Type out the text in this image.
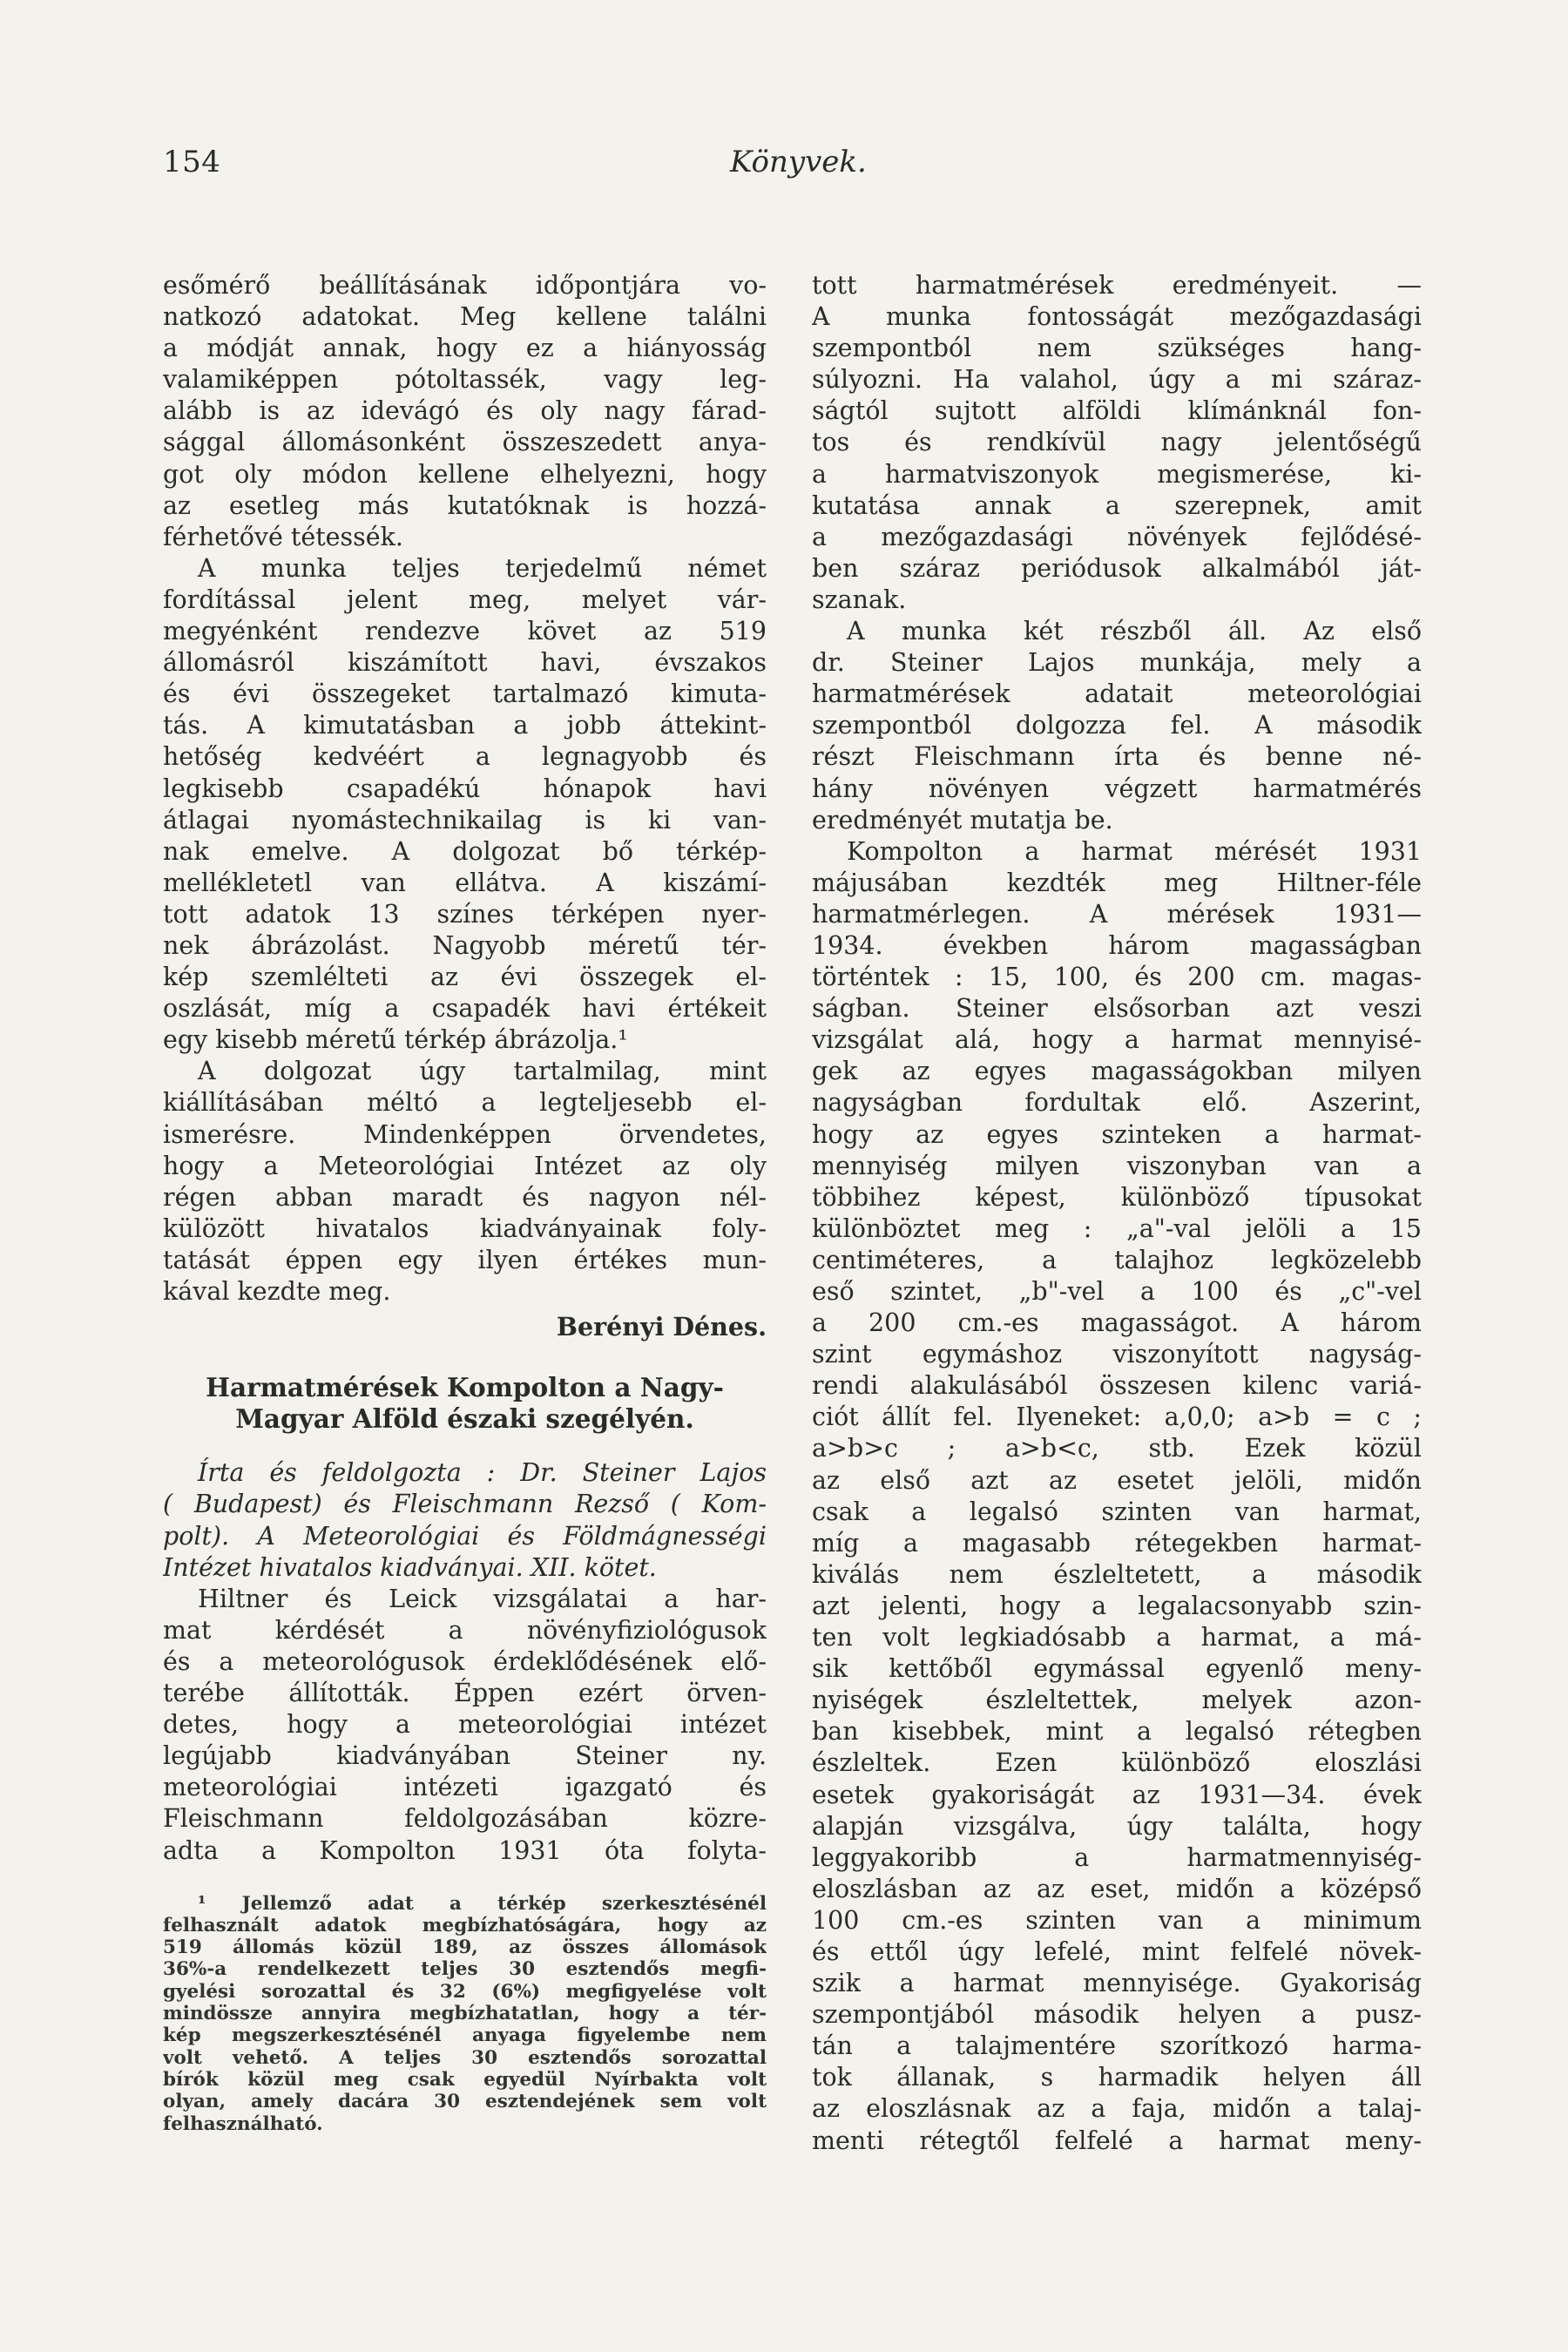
154	Könyvek.
esőmérő beállításának időpontjára vo-
natkozó adatokat. Meg kellene találni
a módját annak, hogy ez a hiányosság
valamiképpen pótoltassék, vagy leg-
alább is az idevágó és oly nagy fárad-
sággal állomásonként összeszedett anya-
got oly módon kellene elhelyezni, hogy
az esetleg más kutatóknak is hozzá-
férhetővé tétessék.
A munka teljes terjedelmű német
fordítással jelent meg, melyet vár-
megyénként rendezve követ az 519
állomásról kiszámított havi, évszakos
és évi összegeket tartalmazó kimuta-
tás. A kimutatásban a jobb áttekint-
hetőség kedvéért a legnagyobb és
legkisebb csapadékú hónapok havi
átlagai nyomástechnikailag is ki van-
nak emelve. A dolgozat bő térkép-
mellékletetl van ellátva. A kiszámí-
tott adatok 13 színes térképen nyer-
nek ábrázolást. Nagyobb méretű tér-
kép szemlélteti az évi összegek el-
oszlását, míg a csapadék havi értékeit
egy kisebb méretű térkép ábrázolja.¹
A dolgozat úgy tartalmilag, mint
kiállításában méltó a legteljesebb el-
ismerésre. Mindenképpen örvendetes,
hogy a Meteorológiai Intézet az oly
régen abban maradt és nagyon nél-
külözött hivatalos kiadványainak foly-
tatását éppen egy ilyen értékes mun-
kával kezdte meg.
Berényi Dénes.
Harmatmérések Kompolton a Nagy-
Magyar Alföld északi szegélyén.
Írta és feldolgozta : Dr. Steiner Lajos
( Budapest) és Fleischmann Rezső ( Kom-
polt). A Meteorológiai és Földmágnességi
Intézet hivatalos kiadványai. XII. kötet.
Hiltner és Leick vizsgálatai a har-
mat kérdését a növényfiziológusok
és a meteorológusok érdeklődésének elő-
terébe állították. Éppen ezért örven-
detes, hogy a meteorológiai intézet
legújabb kiadványában Steiner ny.
meteorológiai intézeti igazgató és
Fleischmann feldolgozásában közre-
adta a Kompolton 1931 óta folyta-
¹ Jellemző adat a térkép szerkesztésénél
felhasznált adatok megbízhatóságára, hogy az
519 állomás közül 189, az összes állomások
36%-a rendelkezett teljes 30 esztendős megfi-
gyelési sorozattal és 32 (6%) megfigyelése volt
mindössze annyira megbízhatatlan, hogy a tér-
kép megszerkesztésénél anyaga figyelembe nem
volt vehető. A teljes 30 esztendős sorozattal
bírók közül meg csak egyedül Nyírbakta volt
olyan, amely dacára 30 esztendejének sem volt
felhasználható.
tott harmatmérések eredményeit. —
A munka fontosságát mezőgazdasági
szempontból nem szükséges hang-
súlyozni. Ha valahol, úgy a mi száraz-
ságtól sujtott alföldi klímánknál fon-
tos és rendkívül nagy jelentőségű
a harmatviszonyok megismerése, ki-
kutatása annak a szerepnek, amit
a mezőgazdasági növények fejlődésé-
ben száraz periódusok alkalmából ját-
szanak.
A munka két részből áll. Az első
dr. Steiner Lajos munkája, mely a
harmatmérések adatait meteorológiai
szempontból dolgozza fel. A második
részt Fleischmann írta és benne né-
hány növényen végzett harmatmérés
eredményét mutatja be.
Kompolton a harmat mérését 1931
májusában kezdték meg Hiltner-féle
harmatmérlegen. A mérések 1931—
1934. években három magasságban
történtek : 15, 100, és 200 cm. magas-
ságban. Steiner elsősorban azt veszi
vizsgálat alá, hogy a harmat mennyisé-
gek az egyes magasságokban milyen
nagyságban fordultak elő. Aszerint,
hogy az egyes szinteken a harmat-
mennyiség milyen viszonyban van a
többihez képest, különböző típusokat
különböztet meg : „a"-val jelöli a 15
centiméteres, a talajhoz legközelebb
eső szintet, „b"-vel a 100 és „c"-vel
a 200 cm.-es magasságot. A három
szint egymáshoz viszonyított nagyság-
rendi alakulásából összesen kilenc variá-
ciót állít fel. Ilyeneket: a,0,0; a>b = c ;
a>b>c ; a>b<c, stb. Ezek közül
az első azt az esetet jelöli, midőn
csak a legalsó szinten van harmat,
míg a magasabb rétegekben harmat-
kiválás nem észleltetett, a második
azt jelenti, hogy a legalacsonyabb szin-
ten volt legkiadósabb a harmat, a má-
sik kettőből egymással egyenlő meny-
nyiségek észleltettek, melyek azon-
ban kisebbek, mint a legalsó rétegben
észleltek. Ezen különböző eloszlási
esetek gyakoriságát az 1931—34. évek
alapján vizsgálva, úgy találta, hogy
leggyakoribb a harmatmennyiség-
eloszlásban az az eset, midőn a középső
100 cm.-es szinten van a minimum
és ettől úgy lefelé, mint felfelé növek-
szik a harmat mennyisége. Gyakoriság
szempontjából második helyen a pusz-
tán a talajmentére szorítkozó harma-
tok állanak, s harmadik helyen áll
az eloszlásnak az a faja, midőn a talaj-
menti rétegtől felfelé a harmat meny-
